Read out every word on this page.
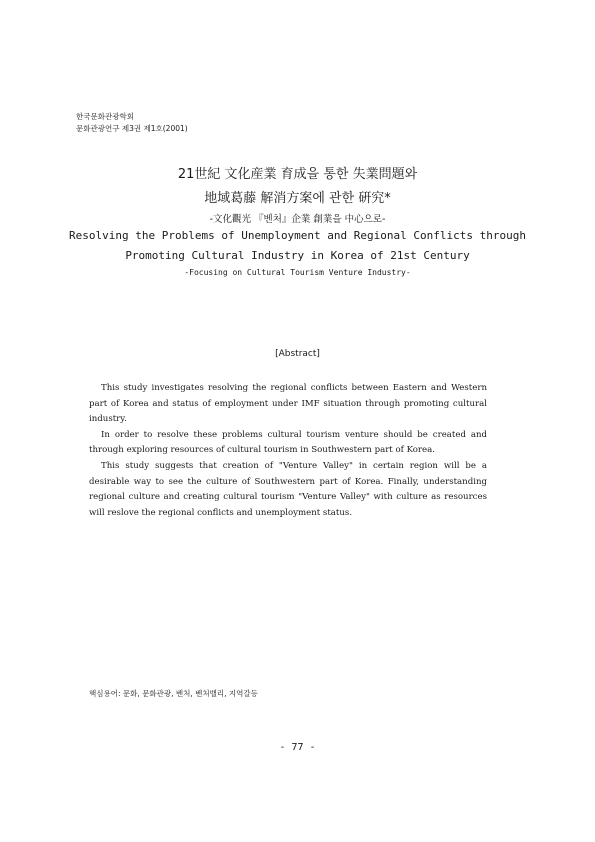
한국문화관광학회
문화관광연구 제3권 제1호(2001)
21世紀 文化産業 育成을 통한 失業問題와
地域葛藤 解消方案에 관한 硏究*
-文化觀光 『벤처』企業 創業을 中心으로-
Resolving the Problems of Unemployment and Regional Conflicts through
Promoting Cultural Industry in Korea of 21st Century
-Focusing on Cultural Tourism Venture Industry-
[Abstract]

This study investigates resolving the regional conflicts between Eastern and Western part of Korea and status of employment under IMF situation through promoting cultural industry.

In order to resolve these problems cultural tourism venture should be created and through exploring resources of cultural tourism in Southwestern part of Korea.

This study suggests that creation of "Venture Valley" in certain region will be a desirable way to see the culture of Southwestern part of Korea. Finally, understanding regional culture and creating cultural tourism "Venture Valley" with culture as resources will reslove the regional conflicts and unemployment status.

핵심용어: 문화, 문화관광, 벤처, 벤처밸리, 지역갈등
- 77 -
